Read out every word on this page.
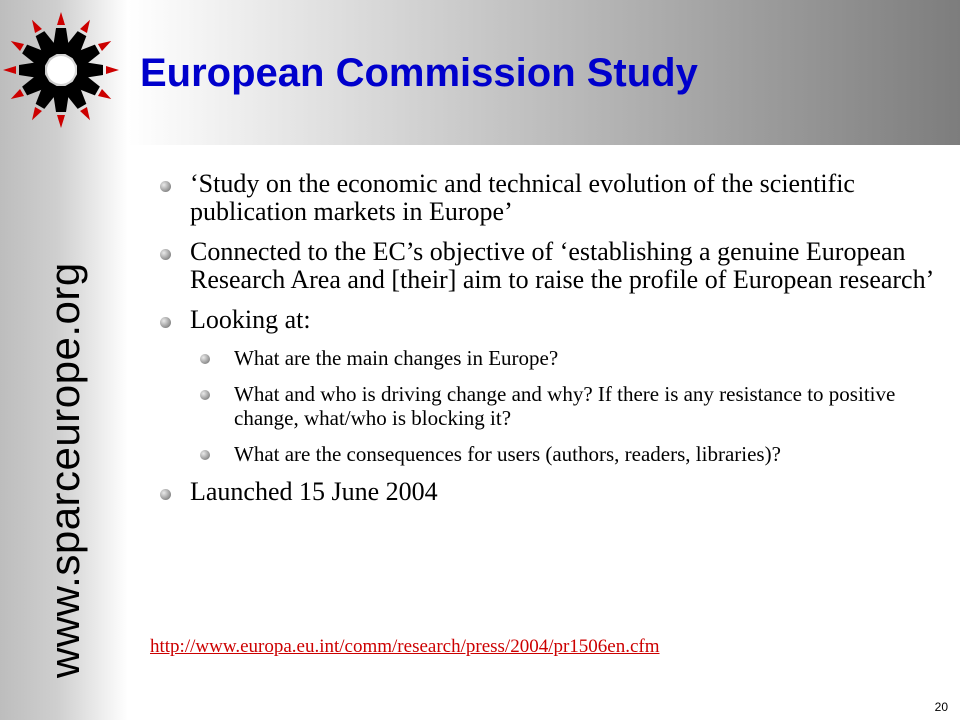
www.sparceurope.org
European Commission Study
‘Study on the economic and technical evolution of the scientific publication markets in Europe’
Connected to the EC’s objective of ‘establishing a genuine European Research Area and [their] aim to raise the profile of European research’
Looking at:
What are the main changes in Europe?
What and who is driving change and why? If there is any resistance to positive change, what/who is blocking it?
What are the consequences for users (authors, readers, libraries)?
Launched 15 June 2004
http://www.europa.eu.int/comm/research/press/2004/pr1506en.cfm
20
